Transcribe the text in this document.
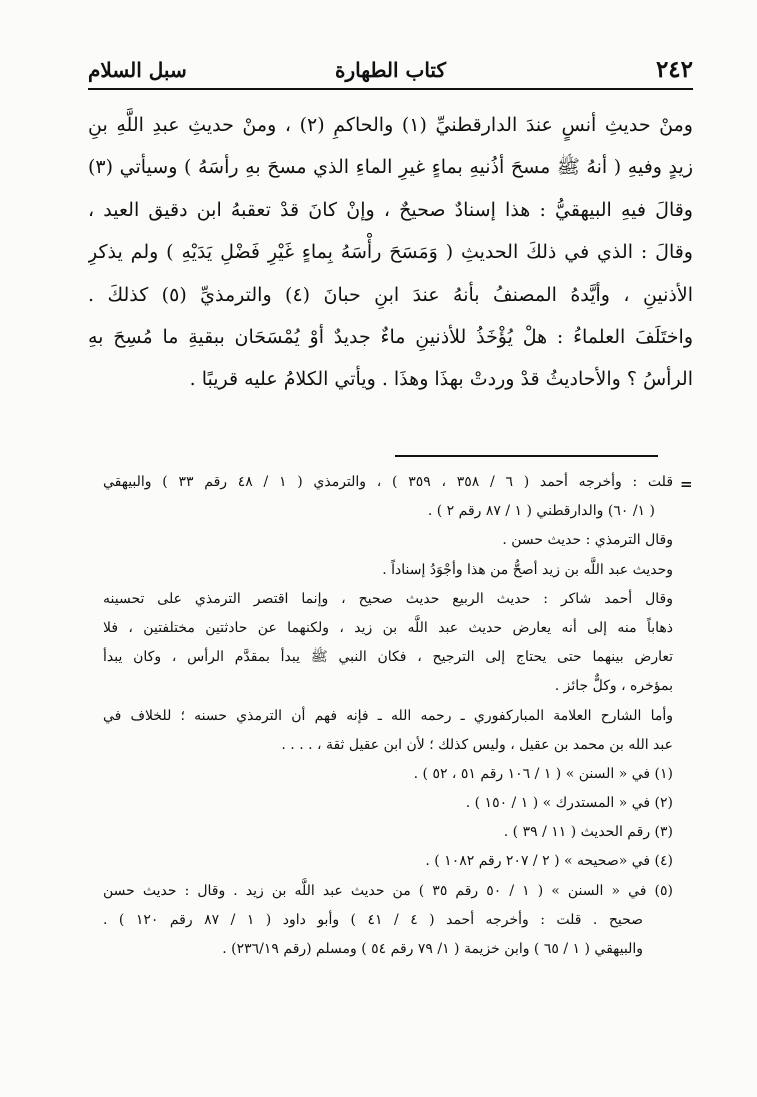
٢٤٢
كتاب الطهارة
سبل السلام
ومنْ حديثِ أنسٍ عندَ الدارقطنيِّ (١) والحاكمِ (٢) ، ومنْ حديثِ عبدِ اللَّهِ بنِ
زيدٍ وفيهِ ( أنهُ ﷺ مسحَ أذُنيهِ بماءٍ غيرِ الماءِ الذي مسحَ بهِ رأسَهُ ) وسيأتي (٣)
وقالَ فيهِ البيهقيُّ : هذا إسنادٌ صحيحٌ ، وإنْ كانَ قدْ تعقبهُ ابن دقيق العيد ،
وقالَ : الذي في ذلكَ الحديثِ ( وَمَسَحَ رأْسَهُ بِماءٍ غَيْرِ فَضْلِ يَدَيْهِ ) ولم يذكرِ
الأذنينِ ، وأيَّدهُ المصنفُ بأنهُ عندَ ابنِ حبانَ (٤) والترمذيِّ (٥) كذلكَ .
واختَلَفَ العلماءُ : هلْ يُؤْخَذُ للأذنينِ ماءٌ جديدٌ أوْ يُمْسَحَان ببقيةِ ما مُسِحَ بهِ
الرأسُ ؟ والأحاديثُ قدْ وردتْ بهذَا وهذَا . ويأتي الكلامُ عليه قريبًا .
=
قلت : وأخرجه أحمد ( ٦ / ٣٥٨ ، ٣٥٩ ) ، والترمذي ( ١ / ٤٨ رقم ٣٣ ) والبيهقي
( ١/ ٦٠) والدارقطني ( ١ / ٨٧ رقم ٢ ) .
وقال الترمذي : حديث حسن .
وحديث عبد اللَّه بن زيد أصحُّ من هذا وأجْوَدُ إسناداً .
وقال أحمد شاكر : حديث الربيع حديث صحيح ، وإنما اقتصر الترمذي على تحسينه
ذهاباً منه إلى أنه يعارض حديث عبد اللَّه بن زيد ، ولكنهما عن حادثتين مختلفتين ، فلا
تعارض بينهما حتى يحتاج إلى الترجيح ، فكان النبي ﷺ يبدأ بمقدَّم الرأس ، وكان يبدأ
بمؤخره ، وكلٌّ جائز .
وأما الشارح العلامة المباركفوري ـ رحمه الله ـ فإنه فهم أن الترمذي حسنه ؛ للخلاف في
عبد الله بن محمد بن عقيل ، وليس كذلك ؛ لأن ابن عقيل ثقة ، . . . .
(١) في « السنن » ( ١ / ١٠٦ رقم ٥١ ، ٥٢ ) .
(٢) في « المستدرك » ( ١ / ١٥٠ ) .
(٣) رقم الحديث ( ١١ / ٣٩ ) .
(٤) في «صحيحه » ( ٢ / ٢٠٧ رقم ١٠٨٢ ) .
(٥) في « السنن » ( ١ / ٥٠ رقم ٣٥ ) من حديث عبد اللَّه بن زيد . وقال : حديث حسن
صحيح . قلت : وأخرجه أحمد ( ٤ / ٤١ ) وأبو داود ( ١ / ٨٧ رقم ١٢٠ ) .
والبيهقي ( ١ / ٦٥ ) وابن خزيمة ( ١/ ٧٩ رقم ٥٤ ) ومسلم (رقم ٢٣٦/١٩) .
